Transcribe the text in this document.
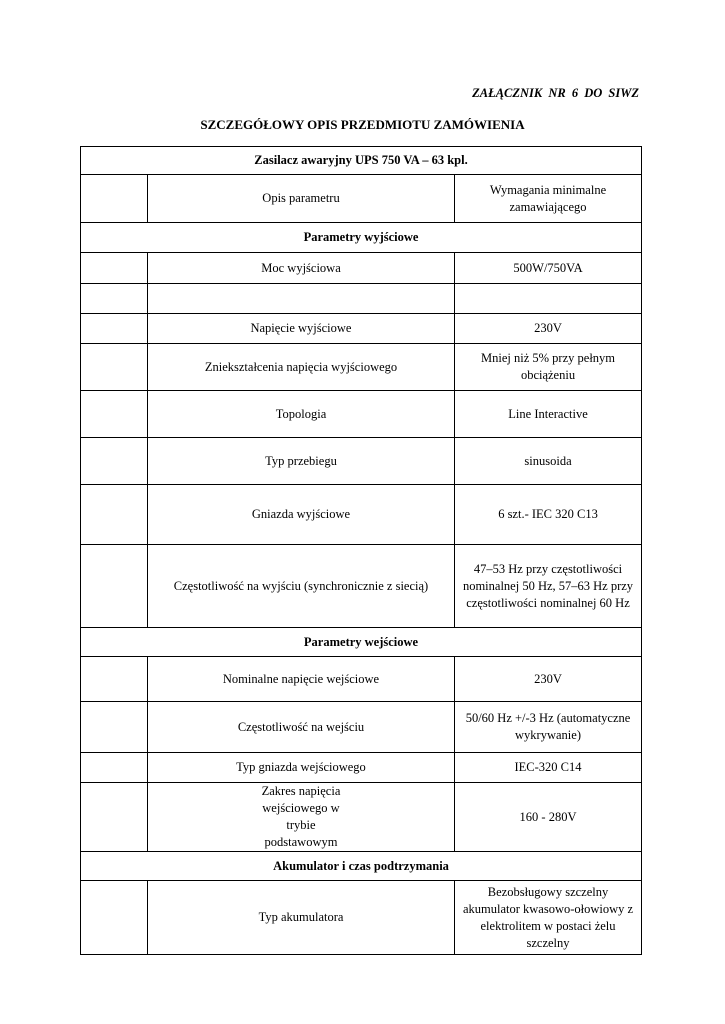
ZAŁĄCZNIK NR 6 DO SIWZ
SZCZEGÓŁOWY OPIS PRZEDMIOTU ZAMÓWIENIA
Zasilacz awaryjny UPS 750 VA – 63 kpl.		
	Opis parametru	Wymagania minimalne zamawiającego
Parametry wyjściowe		
	Moc wyjściowa	500W/750VA

	Napięcie wyjściowe	230V
	Zniekształcenia napięcia wyjściowego	Mniej niż 5% przy pełnym obciążeniu
	Topologia	Line Interactive
	Typ przebiegu	sinusoida
	Gniazda wyjściowe	6 szt.- IEC 320 C13
	Częstotliwość na wyjściu (synchronicznie z siecią)	47–53 Hz przy częstotliwości nominalnej 50 Hz, 57–63 Hz przy częstotliwości nominalnej 60 Hz
Parametry wejściowe		
	Nominalne napięcie wejściowe	230V
	Częstotliwość na wejściu	50/60 Hz +/-3 Hz (automatyczne wykrywanie)
	Typ gniazda wejściowego	IEC-320 C14
	Zakres napięcia wejściowego w trybie podstawowym	160 - 280V
Akumulator i czas podtrzymania		
	Typ akumulatora	Bezobsługowy szczelny akumulator kwasowo-ołowiowy z elektrolitem w postaci żelu szczelny
